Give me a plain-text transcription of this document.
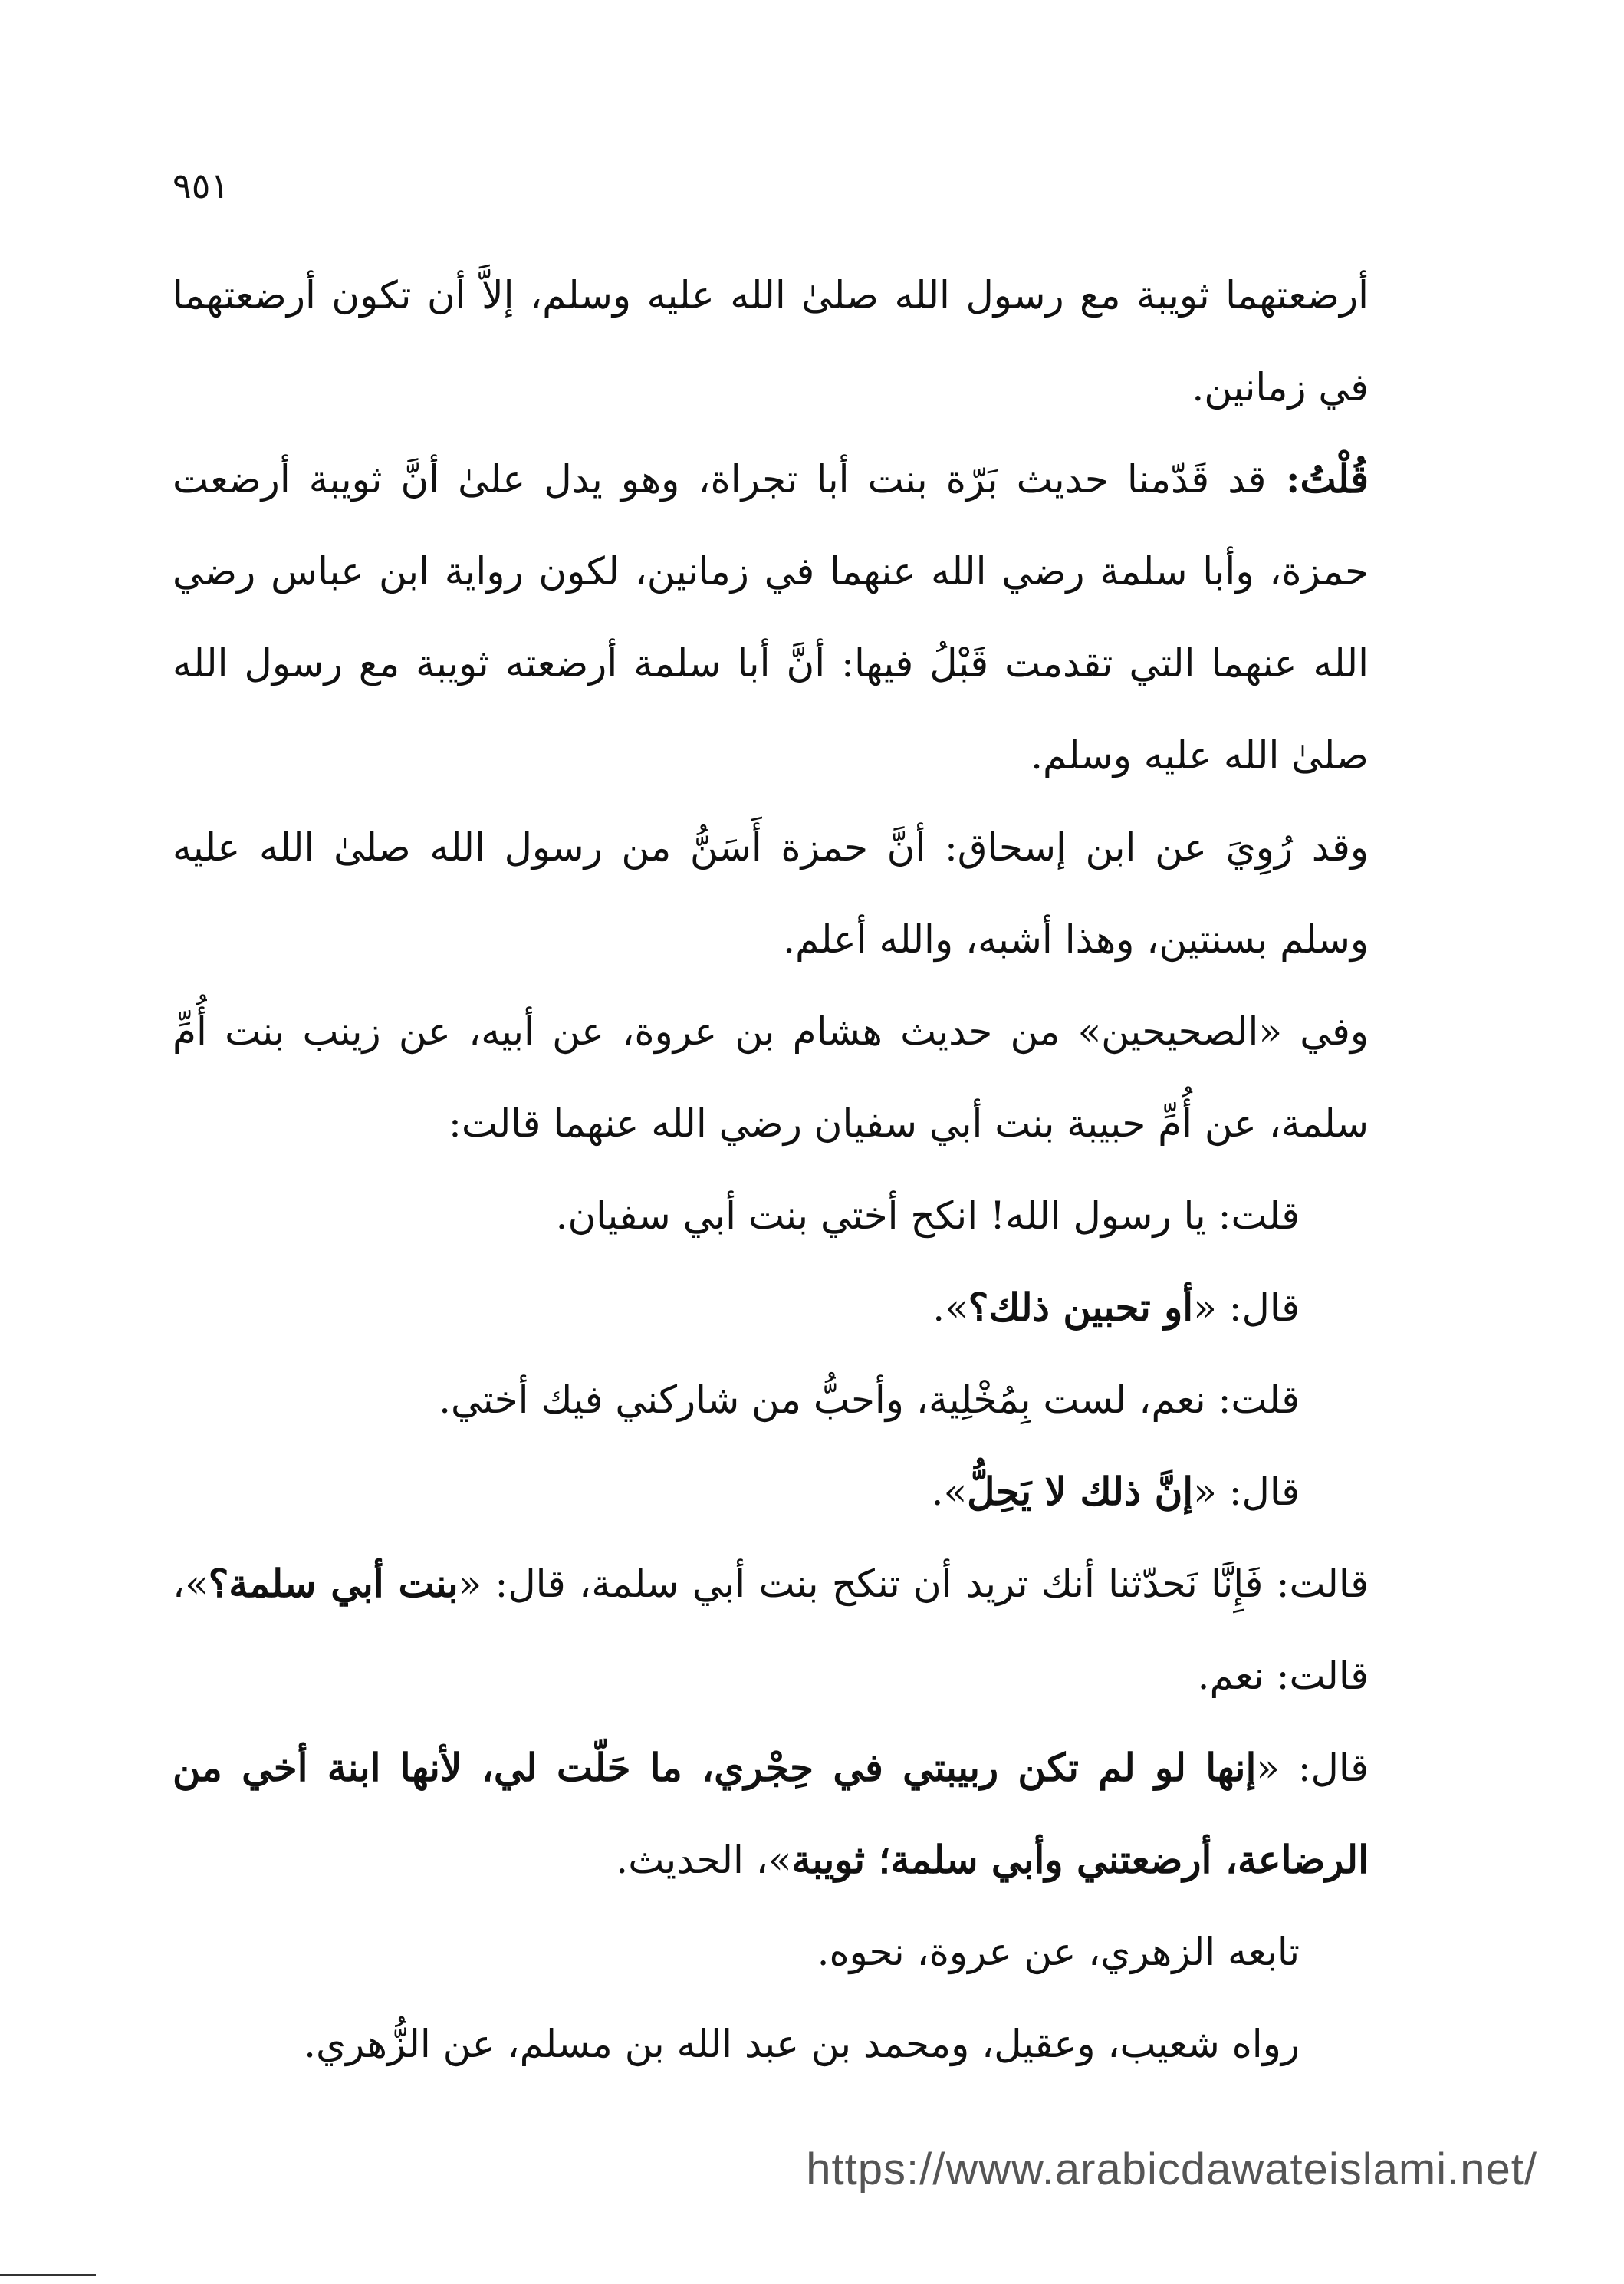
٩٥١

أرضعتهما ثويبة مع رسول الله صلىٰ الله عليه وسلم، إلاَّ أن تكون أرضعتهما في زمانين.

قُلْتُ: قد قَدّمنا حديث بَرّة بنت أبا تجراة، وهو يدل علىٰ أنَّ ثويبة أرضعت حمزة، وأبا سلمة رضي الله عنهما في زمانين، لكون رواية ابن عباس رضي الله عنهما التي تقدمت قَبْلُ فيها: أنَّ أبا سلمة أرضعته ثويبة مع رسول الله صلىٰ الله عليه وسلم.

وقد رُوِيَ عن ابن إسحاق: أنَّ حمزة أَسَنُّ من رسول الله صلىٰ الله عليه وسلم بسنتين، وهذا أشبه، والله أعلم.

وفي «الصحيحين» من حديث هشام بن عروة، عن أبيه، عن زينب بنت أُمِّ سلمة، عن أُمِّ حبيبة بنت أبي سفيان رضي الله عنهما قالت:

قلت: يا رسول الله! انكح أختي بنت أبي سفيان.

قال: «أو تحبين ذلك؟».

قلت: نعم، لست بِمُخْلِية، وأحبُّ من شاركني فيك أختي.

قال: «إنَّ ذلك لا يَحِلُّ».

قالت: فَإِنَّا نَحدّثنا أنك تريد أن تنكح بنت أبي سلمة، قال: «بنت أبي سلمة؟»، قالت: نعم.

قال: «إنها لو لم تكن ربيبتي في حِجْري، ما حَلّت لي، لأنها ابنة أخي من الرضاعة، أرضعتني وأبي سلمة؛ ثويبة»، الحديث.

تابعه الزهري، عن عروة، نحوه.

رواه شعيب، وعقيل، ومحمد بن عبد الله بن مسلم، عن الزُّهري.

https://www.arabicdawateislami.net/
